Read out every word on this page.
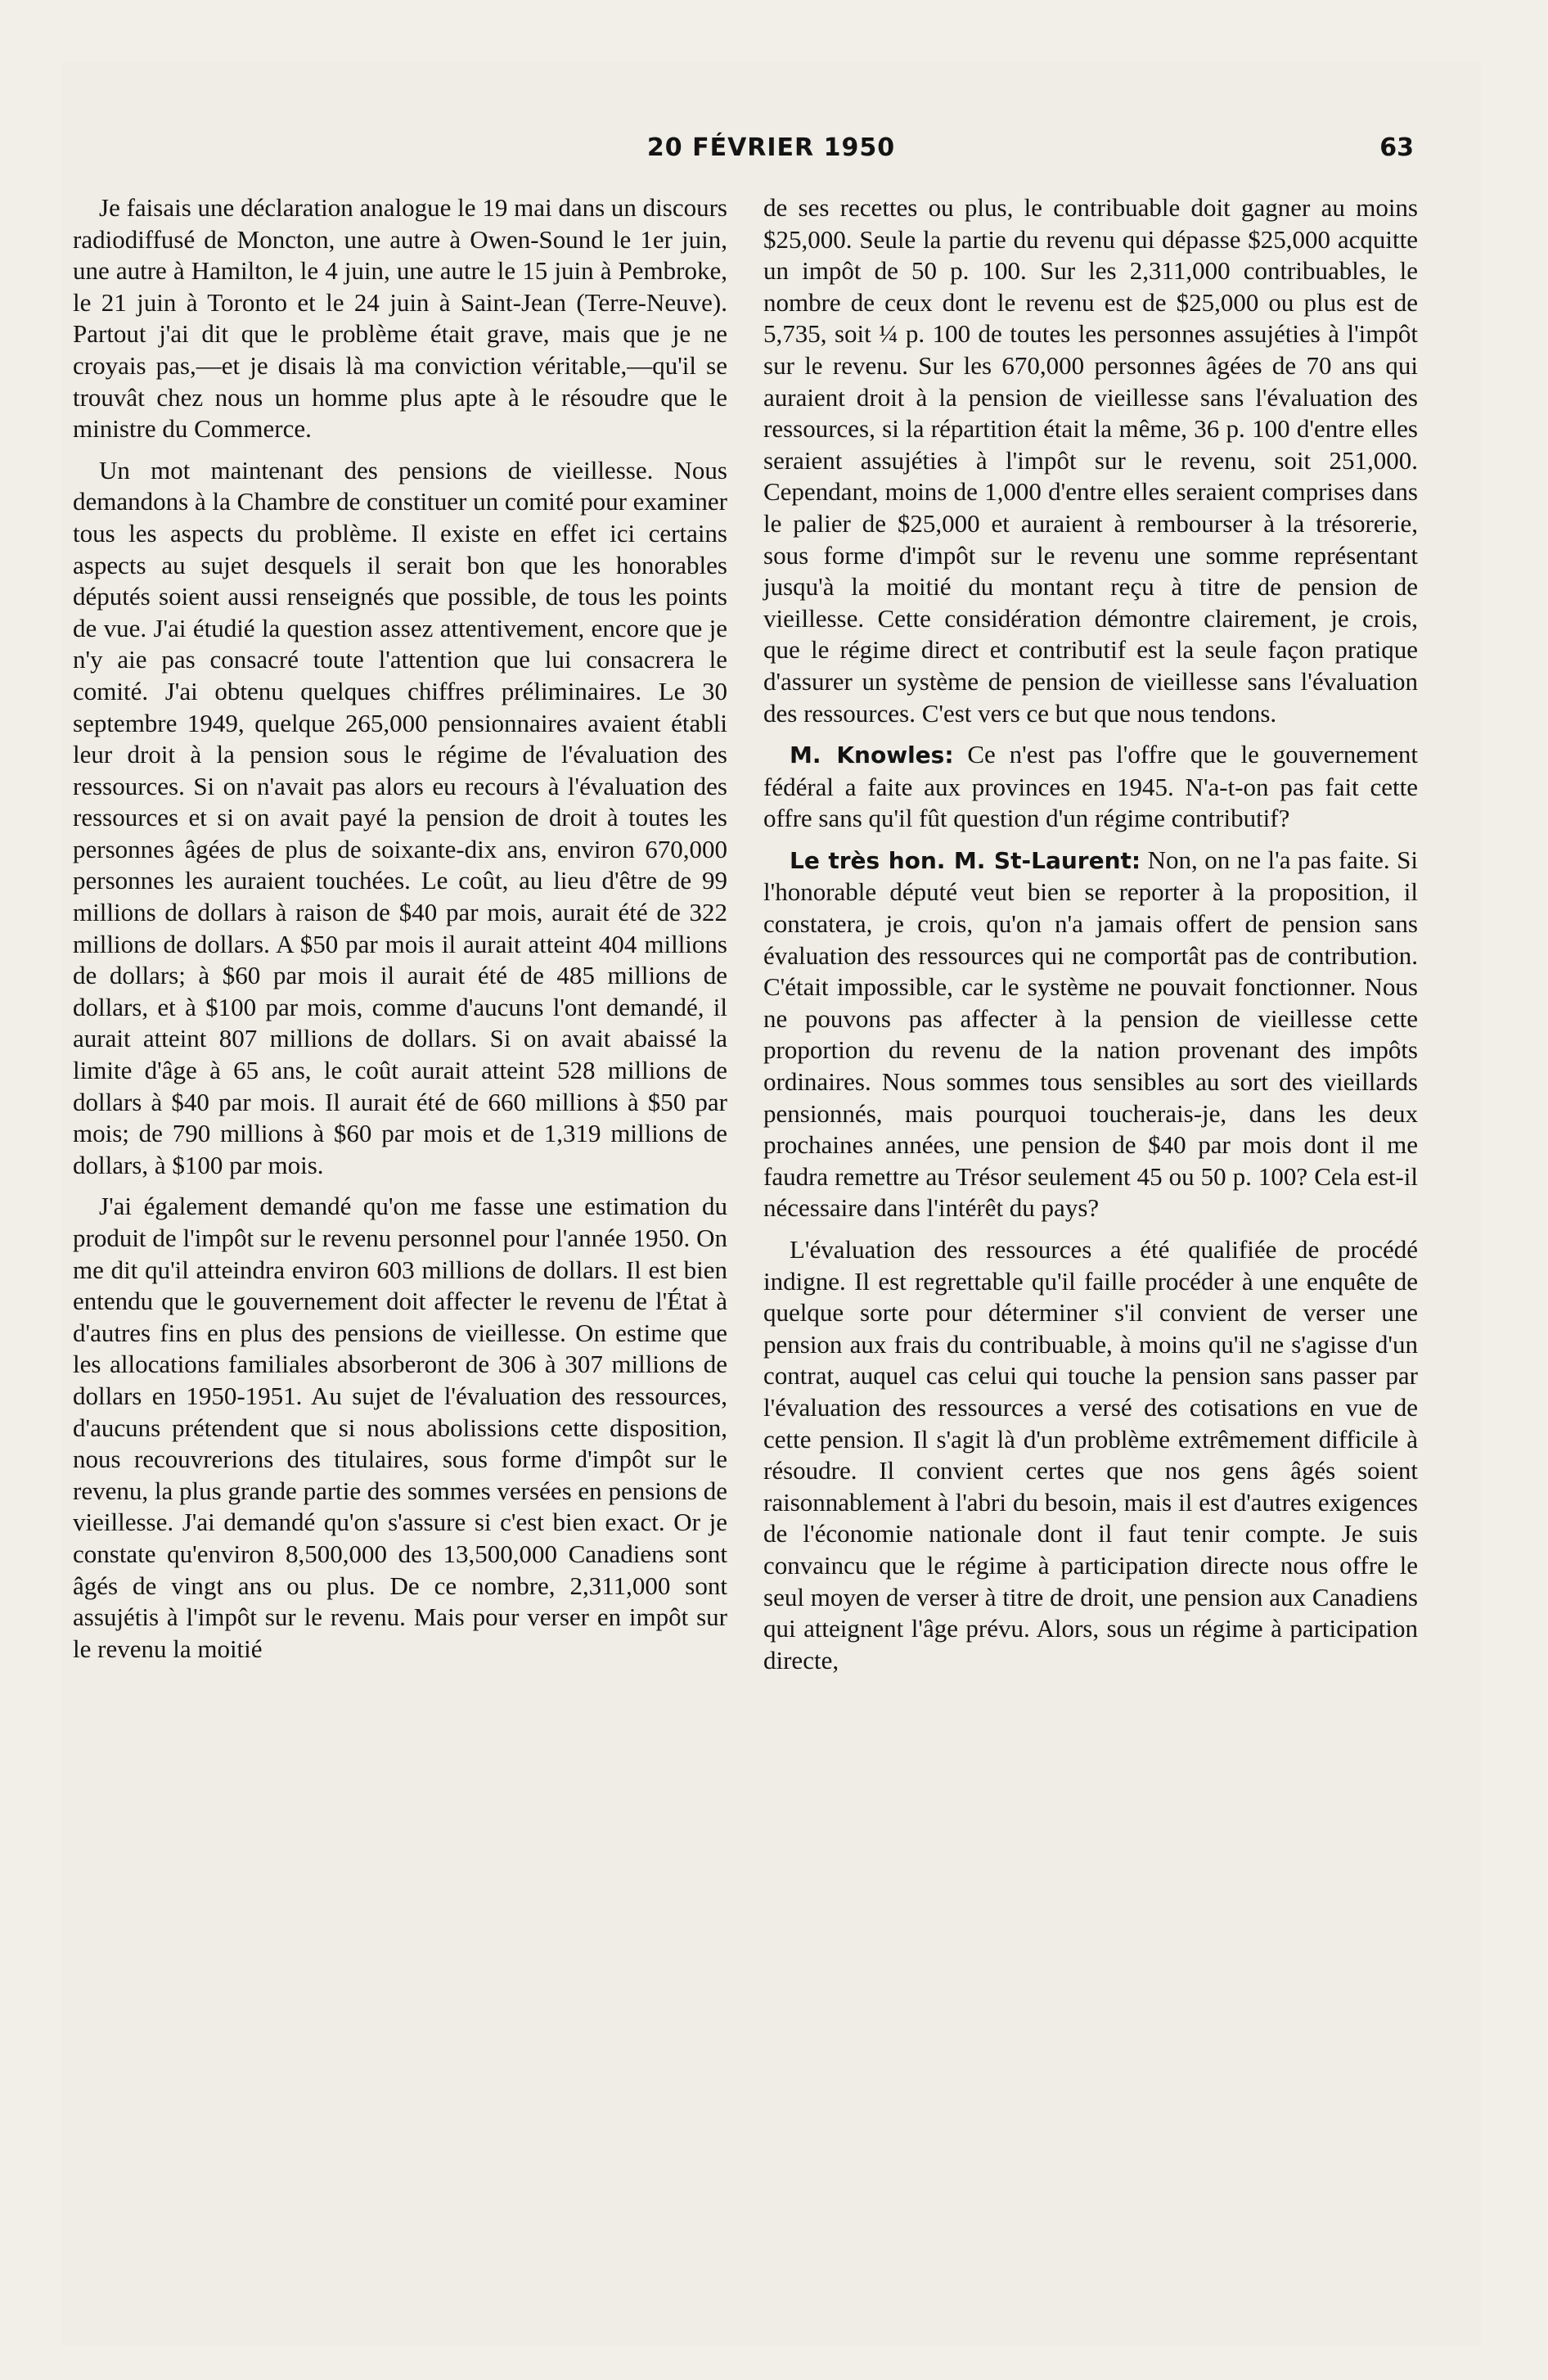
20 FÉVRIER 1950	63

Je faisais une déclaration analogue le 19 mai dans un discours radiodiffusé de Moncton, une autre à Owen-Sound le 1er juin, une autre à Hamilton, le 4 juin, une autre le 15 juin à Pembroke, le 21 juin à Toronto et le 24 juin à Saint-Jean (Terre-Neuve). Partout j'ai dit que le problème était grave, mais que je ne croyais pas,—et je disais là ma conviction véritable,—qu'il se trouvât chez nous un homme plus apte à le résoudre que le ministre du Commerce.

Un mot maintenant des pensions de vieillesse. Nous demandons à la Chambre de constituer un comité pour examiner tous les aspects du problème. Il existe en effet ici certains aspects au sujet desquels il serait bon que les honorables députés soient aussi renseignés que possible, de tous les points de vue. J'ai étudié la question assez attentivement, encore que je n'y aie pas consacré toute l'attention que lui consacrera le comité. J'ai obtenu quelques chiffres préliminaires. Le 30 septembre 1949, quelque 265,000 pensionnaires avaient établi leur droit à la pension sous le régime de l'évaluation des ressources. Si on n'avait pas alors eu recours à l'évaluation des ressources et si on avait payé la pension de droit à toutes les personnes âgées de plus de soixante-dix ans, environ 670,000 personnes les auraient touchées. Le coût, au lieu d'être de 99 millions de dollars à raison de $40 par mois, aurait été de 322 millions de dollars. A $50 par mois il aurait atteint 404 millions de dollars; à $60 par mois il aurait été de 485 millions de dollars, et à $100 par mois, comme d'aucuns l'ont demandé, il aurait atteint 807 millions de dollars. Si on avait abaissé la limite d'âge à 65 ans, le coût aurait atteint 528 millions de dollars à $40 par mois. Il aurait été de 660 millions à $50 par mois; de 790 millions à $60 par mois et de 1,319 millions de dollars, à $100 par mois.

J'ai également demandé qu'on me fasse une estimation du produit de l'impôt sur le revenu personnel pour l'année 1950. On me dit qu'il atteindra environ 603 millions de dollars. Il est bien entendu que le gouvernement doit affecter le revenu de l'État à d'autres fins en plus des pensions de vieillesse. On estime que les allocations familiales absorberont de 306 à 307 millions de dollars en 1950-1951. Au sujet de l'évaluation des ressources, d'aucuns prétendent que si nous abolissions cette disposition, nous recouvrerions des titulaires, sous forme d'impôt sur le revenu, la plus grande partie des sommes versées en pensions de vieillesse. J'ai demandé qu'on s'assure si c'est bien exact. Or je constate qu'environ 8,500,000 des 13,500,000 Canadiens sont âgés de vingt ans ou plus. De ce nombre, 2,311,000 sont assujétis à l'impôt sur le revenu. Mais pour verser en impôt sur le revenu la moitié

de ses recettes ou plus, le contribuable doit gagner au moins $25,000. Seule la partie du revenu qui dépasse $25,000 acquitte un impôt de 50 p. 100. Sur les 2,311,000 contribuables, le nombre de ceux dont le revenu est de $25,000 ou plus est de 5,735, soit ¼ p. 100 de toutes les personnes assujéties à l'impôt sur le revenu. Sur les 670,000 personnes âgées de 70 ans qui auraient droit à la pension de vieillesse sans l'évaluation des ressources, si la répartition était la même, 36 p. 100 d'entre elles seraient assujéties à l'impôt sur le revenu, soit 251,000. Cependant, moins de 1,000 d'entre elles seraient comprises dans le palier de $25,000 et auraient à rembourser à la trésorerie, sous forme d'impôt sur le revenu une somme représentant jusqu'à la moitié du montant reçu à titre de pension de vieillesse. Cette considération démontre clairement, je crois, que le régime direct et contributif est la seule façon pratique d'assurer un système de pension de vieillesse sans l'évaluation des ressources. C'est vers ce but que nous tendons.

M. Knowles: Ce n'est pas l'offre que le gouvernement fédéral a faite aux provinces en 1945. N'a-t-on pas fait cette offre sans qu'il fût question d'un régime contributif?

Le très hon. M. St-Laurent: Non, on ne l'a pas faite. Si l'honorable député veut bien se reporter à la proposition, il constatera, je crois, qu'on n'a jamais offert de pension sans évaluation des ressources qui ne comportât pas de contribution. C'était impossible, car le système ne pouvait fonctionner. Nous ne pouvons pas affecter à la pension de vieillesse cette proportion du revenu de la nation provenant des impôts ordinaires. Nous sommes tous sensibles au sort des vieillards pensionnés, mais pourquoi toucherais-je, dans les deux prochaines années, une pension de $40 par mois dont il me faudra remettre au Trésor seulement 45 ou 50 p. 100? Cela est-il nécessaire dans l'intérêt du pays?

L'évaluation des ressources a été qualifiée de procédé indigne. Il est regrettable qu'il faille procéder à une enquête de quelque sorte pour déterminer s'il convient de verser une pension aux frais du contribuable, à moins qu'il ne s'agisse d'un contrat, auquel cas celui qui touche la pension sans passer par l'évaluation des ressources a versé des cotisations en vue de cette pension. Il s'agit là d'un problème extrêmement difficile à résoudre. Il convient certes que nos gens âgés soient raisonnablement à l'abri du besoin, mais il est d'autres exigences de l'économie nationale dont il faut tenir compte. Je suis convaincu que le régime à participation directe nous offre le seul moyen de verser à titre de droit, une pension aux Canadiens qui atteignent l'âge prévu. Alors, sous un régime à participation directe,
